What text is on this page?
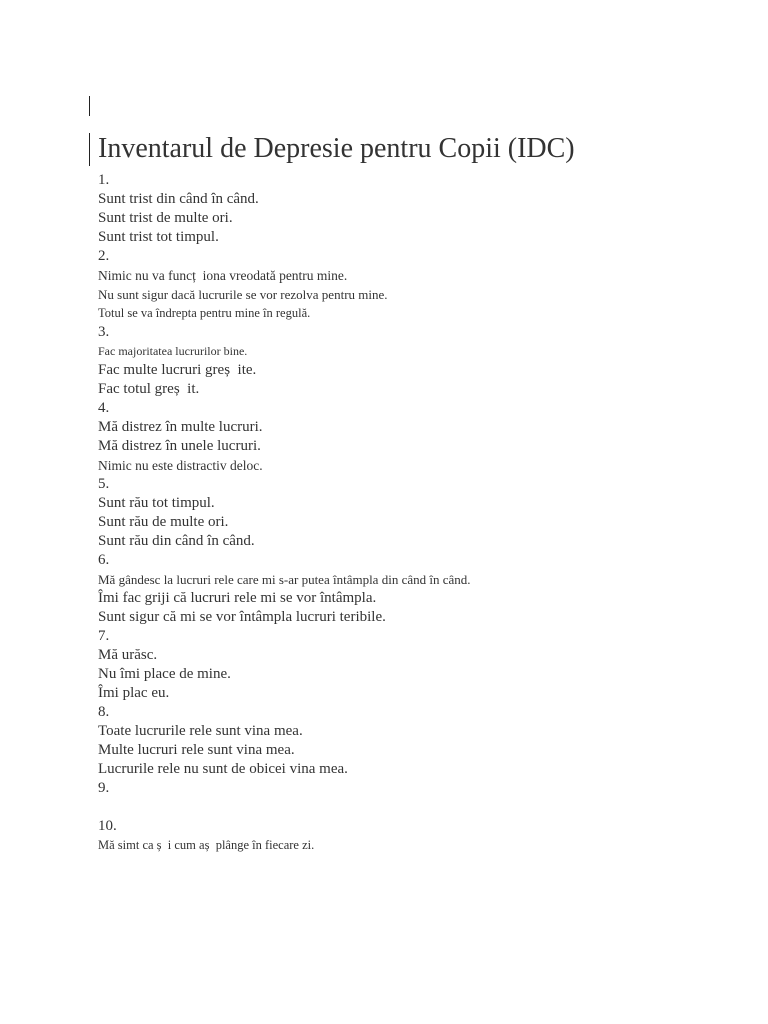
Inventarul de Depresie pentru Copii (IDC)
1.
Sunt trist din când în când.
Sunt trist de multe ori.
Sunt trist tot timpul.
2.
Nimic nu va funcț  iona vreodată pentru mine.
Nu sunt sigur dacă lucrurile se vor rezolva pentru mine.
Totul se va îndrepta pentru mine în regulă.
3.
Fac majoritatea lucrurilor bine.
Fac multe lucruri greș  ite.
Fac totul greș  it.
4.
Mă distrez în multe lucruri.
Mă distrez în unele lucruri.
Nimic nu este distractiv deloc.
5.
Sunt rău tot timpul.
Sunt rău de multe ori.
Sunt rău din când în când.
6.
Mă gândesc la lucruri rele care mi s-ar putea întâmpla din când în când.
Îmi fac griji că lucruri rele mi se vor întâmpla.
Sunt sigur că mi se vor întâmpla lucruri teribile.
7.
Mă urăsc.
Nu îmi place de mine.
Îmi plac eu.
8.
Toate lucrurile rele sunt vina mea.
Multe lucruri rele sunt vina mea.
Lucrurile rele nu sunt de obicei vina mea.
9.
10.
Mă simt ca ș  i cum aș  plânge în fiecare zi.
